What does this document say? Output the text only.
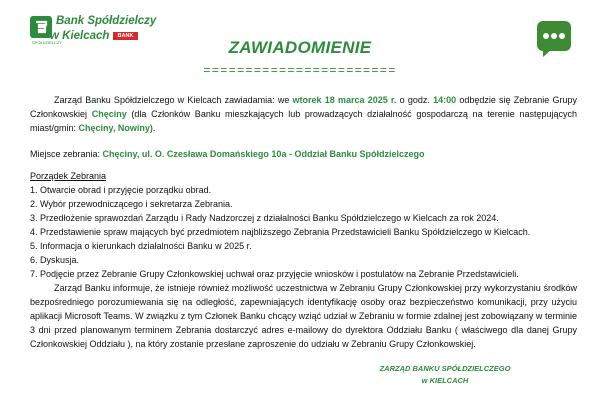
Bank Spółdzielczy
w Kielcach	BANK
SPÓŁDZIELCZY	ZAWIADOMIENIE
=======================
Zarząd Banku Spółdzielczego w Kielcach zawiadamia: we wtorek 18 marca 2025 r. o godz. 14:00 odbędzie się Zebranie Grupy Członkowskiej Chęciny (dla Członków Banku mieszkających lub prowadzących działalność gospodarczą na terenie następujących miast/gmin: Chęciny, Nowiny).
Miejsce zebrania: Chęciny, ul. O. Czesława Domańskiego 10a - Oddział Banku Spółdzielczego
Porządek Zebrania
1. Otwarcie obrad i przyjęcie porządku obrad.
2. Wybór przewodniczącego i sekretarza Zebrania.
3. Przedłożenie sprawozdań Zarządu i Rady Nadzorczej z działalności Banku Spółdzielczego w Kielcach za rok 2024.
4. Przedstawienie spraw mających być przedmiotem najbliższego Zebrania Przedstawicieli Banku Spółdzielczego w Kielcach.
5. Informacja o kierunkach działalności Banku w 2025 r.
6. Dyskusja.
7. Podjęcie przez Zebranie Grupy Członkowskiej uchwał oraz przyjęcie wniosków i postulatów na Zebranie Przedstawicieli.
Zarząd Banku informuje, że istnieje również możliwość uczestnictwa w Zebraniu Grupy Członkowskiej przy wykorzystaniu środków bezpośredniego porozumiewania się na odległość, zapewniających identyfikację osoby oraz bezpieczeństwo komunikacji, przy użyciu aplikacji Microsoft Teams. W związku z tym Członek Banku chcący wziąć udział w Zebraniu w formie zdalnej jest zobowiązany w terminie 3 dni przed planowanym terminem Zebrania dostarczyć adres e-mailowy do dyrektora Oddziału Banku ( właściwego dla danej Grupy Członkowskiej Oddziału ), na który zostanie przesłane zaproszenie do udziału w Zebraniu Grupy Członkowskiej.
ZARZĄD BANKU SPÓŁDZIELCZEGO
w KIELCACH
